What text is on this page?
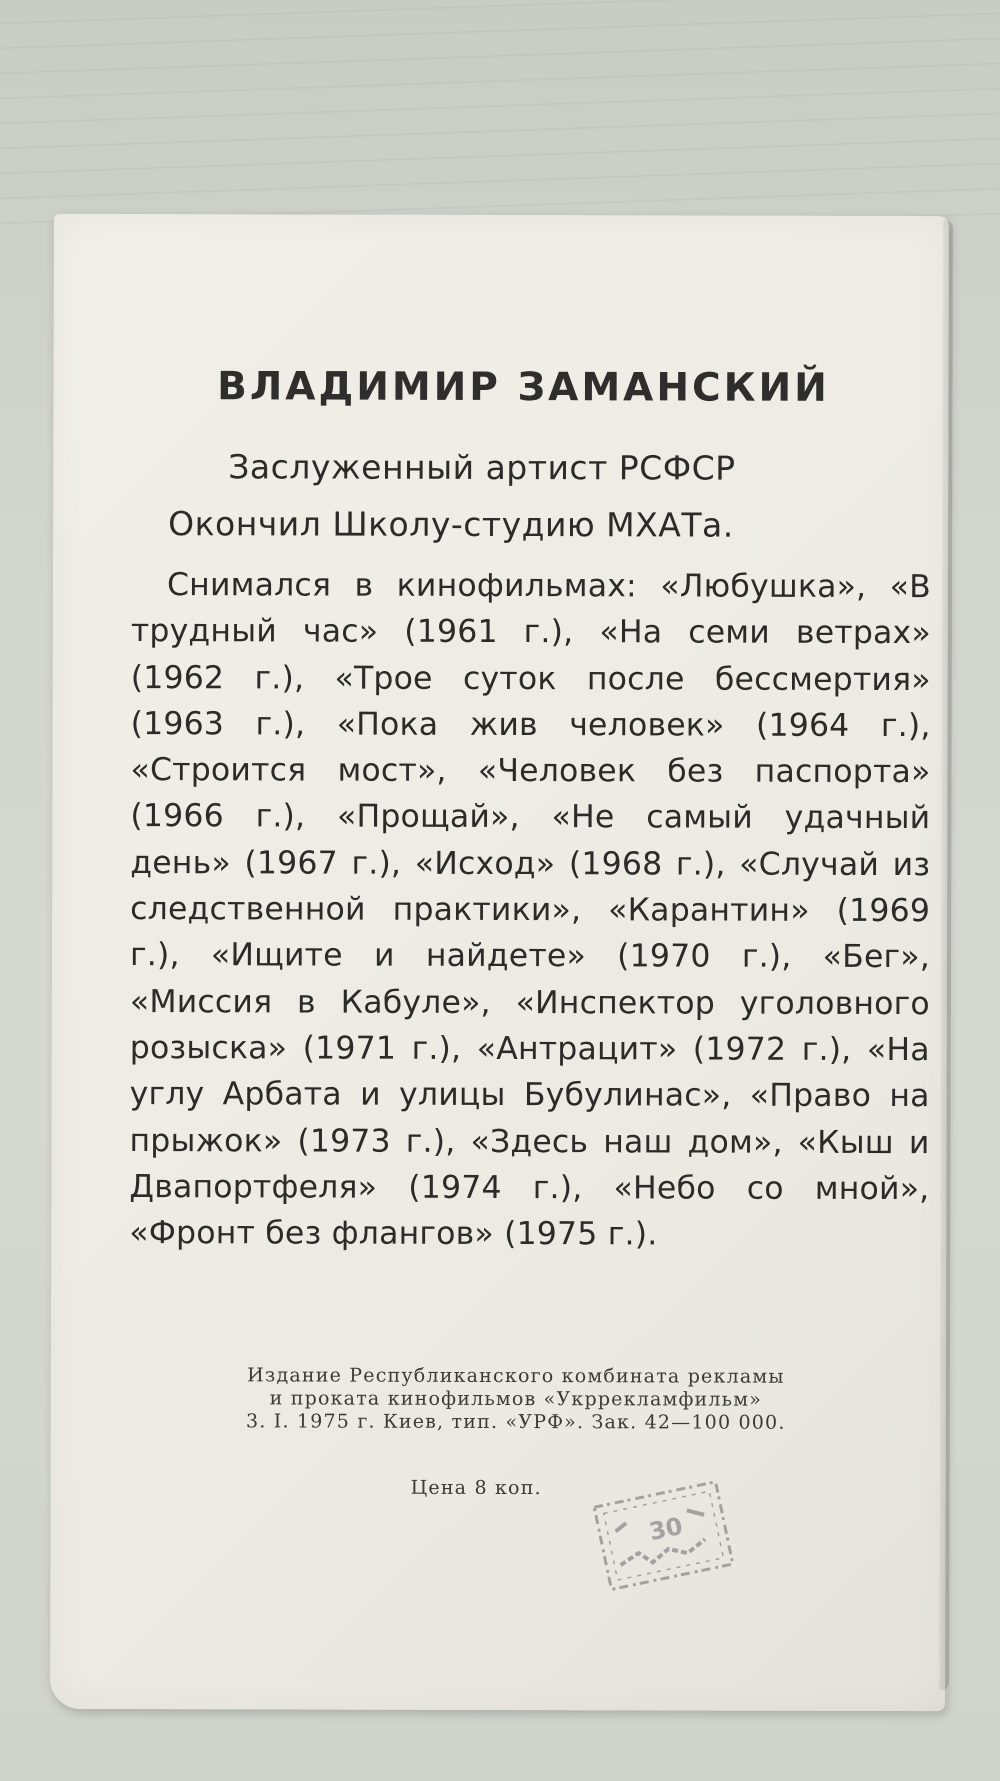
ВЛАДИМИР ЗАМАНСКИЙ
Заслуженный артист РСФСР
Окончил Школу-студию МХАТа.
Снимался в кинофильмах: «Любушка», «В трудный час» (1961 г.), «На семи ветрах» (1962 г.), «Трое суток после бессмертия» (1963 г.), «Пока жив человек» (1964 г.), «Строится мост», «Человек без паспорта» (1966 г.), «Прощай», «Не самый удачный день» (1967 г.), «Исход» (1968 г.), «Случай из следственной практики», «Карантин» (1969 г.), «Ищите и найдете» (1970 г.), «Бег», «Миссия в Кабуле», «Инспектор уголовного розыска» (1971 г.), «Антрацит» (1972 г.), «На углу Арбата и улицы Бубулинас», «Право на прыжок» (1973 г.), «Здесь наш дом», «Кыш и Двапортфеля» (1974 г.), «Небо со мной», «Фронт без флангов» (1975 г.).
Издание Республиканского комбината рекламы
и проката кинофильмов «Укррекламфильм»
3. I. 1975 г. Киев, тип. «УРФ». Зак. 42—100 000.
Цена 8 коп.
30
